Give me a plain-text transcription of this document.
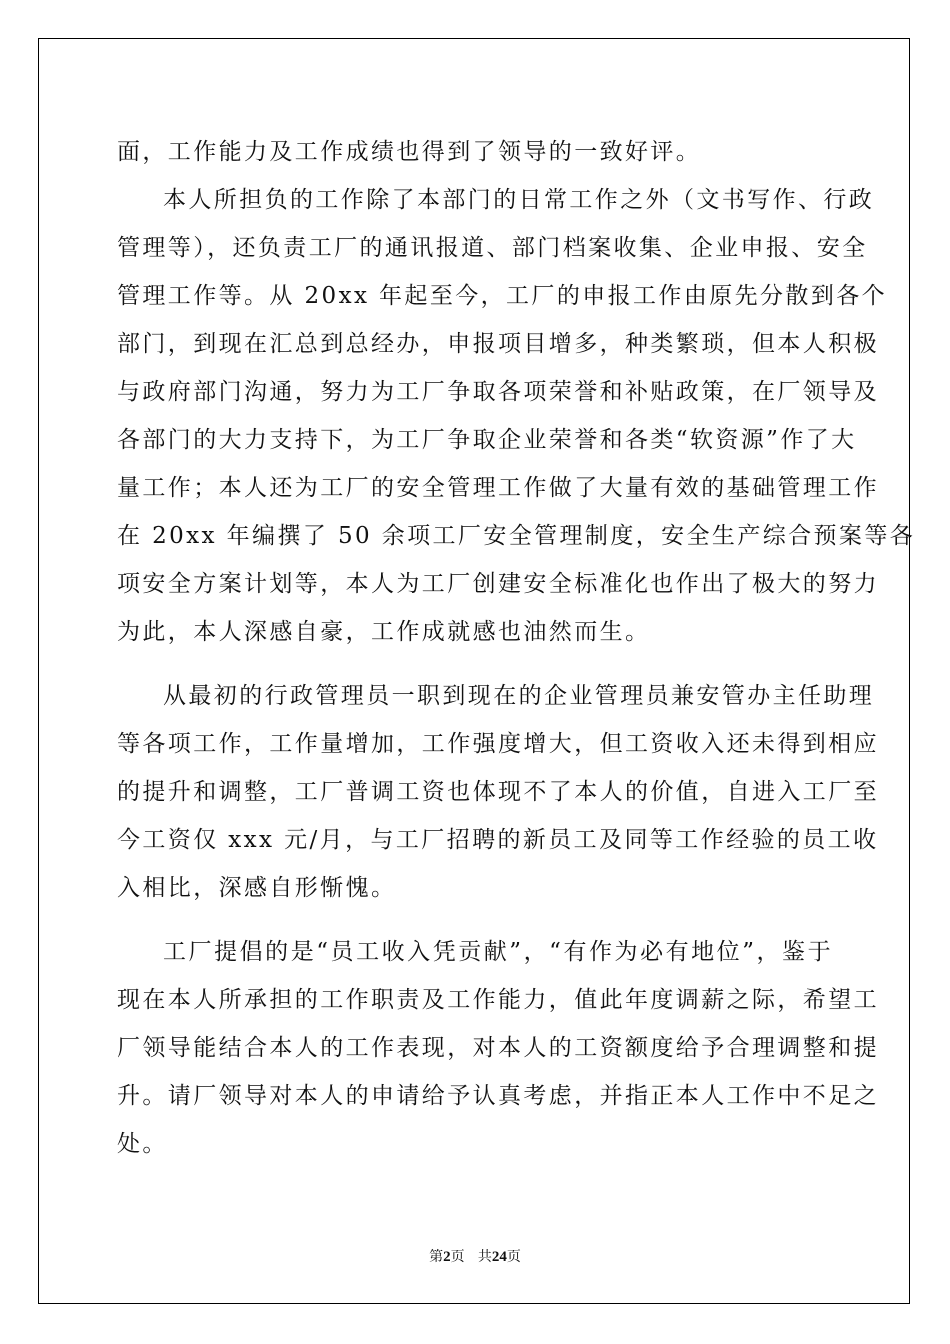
面，工作能力及工作成绩也得到了领导的一致好评。
本人所担负的工作除了本部门的日常工作之外（文书写作、行政
管理等），还负责工厂的通讯报道、部门档案收集、企业申报、安全
管理工作等。从 20xx 年起至今，工厂的申报工作由原先分散到各个
部门，到现在汇总到总经办，申报项目增多，种类繁琐，但本人积极
与政府部门沟通，努力为工厂争取各项荣誉和补贴政策，在厂领导及
各部门的大力支持下，为工厂争取企业荣誉和各类“软资源”作了大
量工作；本人还为工厂的安全管理工作做了大量有效的基础管理工作
在 20xx 年编撰了 50 余项工厂安全管理制度，安全生产综合预案等各
项安全方案计划等，本人为工厂创建安全标准化也作出了极大的努力
为此，本人深感自豪，工作成就感也油然而生。
从最初的行政管理员一职到现在的企业管理员兼安管办主任助理
等各项工作，工作量增加，工作强度增大，但工资收入还未得到相应
的提升和调整，工厂普调工资也体现不了本人的价值，自进入工厂至
今工资仅 xxx 元/月，与工厂招聘的新员工及同等工作经验的员工收
入相比，深感自形惭愧。
工厂提倡的是“员工收入凭贡献”，“有作为必有地位”，鉴于
现在本人所承担的工作职责及工作能力，值此年度调薪之际，希望工
厂领导能结合本人的工作表现，对本人的工资额度给予合理调整和提
升。请厂领导对本人的申请给予认真考虑，并指正本人工作中不足之
处。
第2页 共24页
